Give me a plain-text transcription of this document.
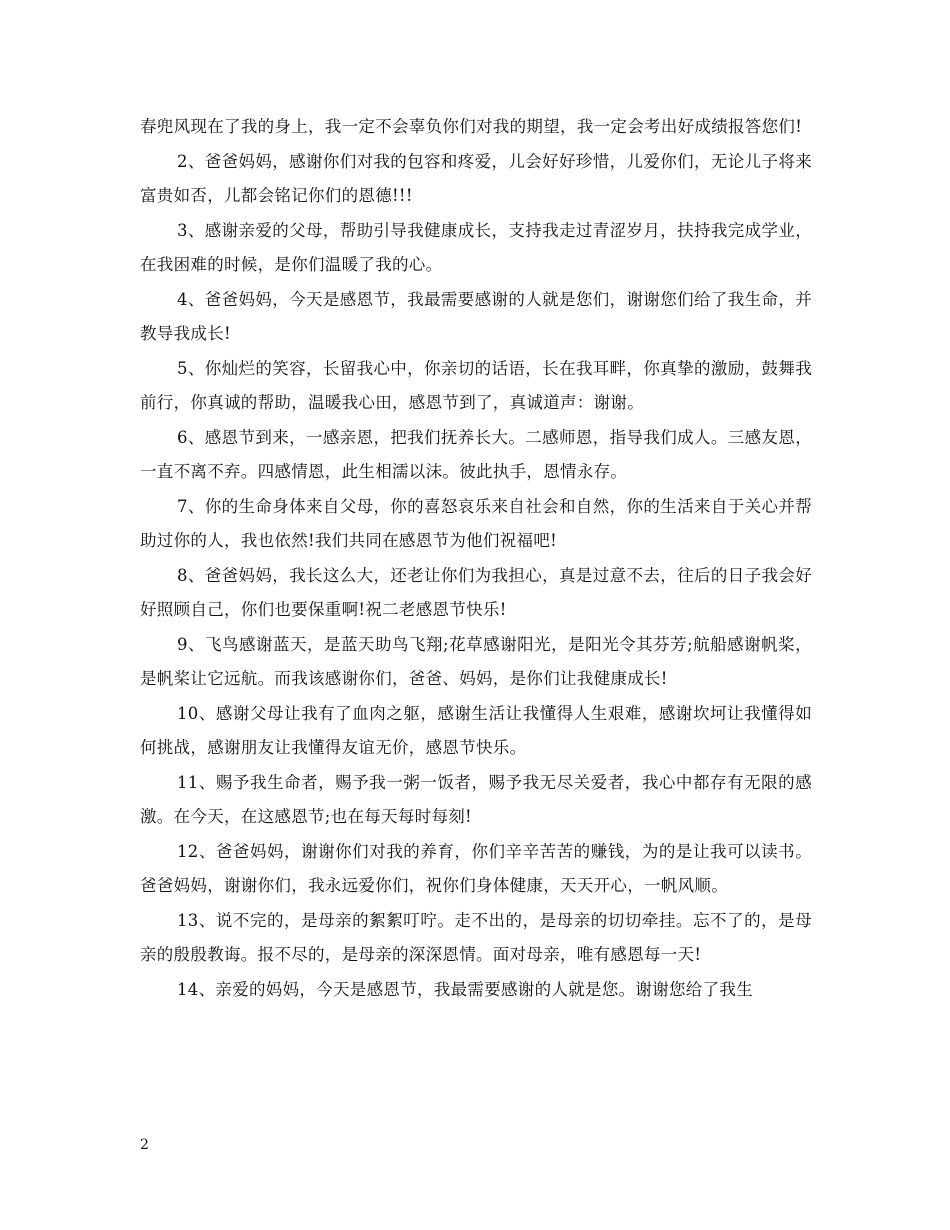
春兜风现在了我的身上，我一定不会辜负你们对我的期望，我一定会考出好成绩报答您们!

2、爸爸妈妈，感谢你们对我的包容和疼爱，儿会好好珍惜，儿爱你们，无论儿子将来富贵如否，儿都会铭记你们的恩德!!!

3、感谢亲爱的父母，帮助引导我健康成长，支持我走过青涩岁月，扶持我完成学业，在我困难的时候，是你们温暖了我的心。

4、爸爸妈妈，今天是感恩节，我最需要感谢的人就是您们，谢谢您们给了我生命，并教导我成长!

5、你灿烂的笑容，长留我心中，你亲切的话语，长在我耳畔，你真挚的激励，鼓舞我前行，你真诚的帮助，温暖我心田，感恩节到了，真诚道声：谢谢。

6、感恩节到来，一感亲恩，把我们抚养长大。二感师恩，指导我们成人。三感友恩，一直不离不弃。四感情恩，此生相濡以沫。彼此执手，恩情永存。

7、你的生命身体来自父母，你的喜怒哀乐来自社会和自然，你的生活来自于关心并帮助过你的人，我也依然!我们共同在感恩节为他们祝福吧!

8、爸爸妈妈，我长这么大，还老让你们为我担心，真是过意不去，往后的日子我会好好照顾自己，你们也要保重啊!祝二老感恩节快乐!

9、飞鸟感谢蓝天，是蓝天助鸟飞翔;花草感谢阳光，是阳光令其芬芳;航船感谢帆桨，是帆桨让它远航。而我该感谢你们，爸爸、妈妈，是你们让我健康成长!

10、感谢父母让我有了血肉之躯，感谢生活让我懂得人生艰难，感谢坎坷让我懂得如何挑战，感谢朋友让我懂得友谊无价，感恩节快乐。

11、赐予我生命者，赐予我一粥一饭者，赐予我无尽关爱者，我心中都存有无限的感激。在今天，在这感恩节;也在每天每时每刻!

12、爸爸妈妈，谢谢你们对我的养育，你们辛辛苦苦的赚钱，为的是让我可以读书。爸爸妈妈，谢谢你们，我永远爱你们，祝你们身体健康，天天开心，一帆风顺。

13、说不完的，是母亲的絮絮叮咛。走不出的，是母亲的切切牵挂。忘不了的，是母亲的殷殷教诲。报不尽的，是母亲的深深恩情。面对母亲，唯有感恩每一天!

14、亲爱的妈妈，今天是感恩节，我最需要感谢的人就是您。谢谢您给了我生

2
